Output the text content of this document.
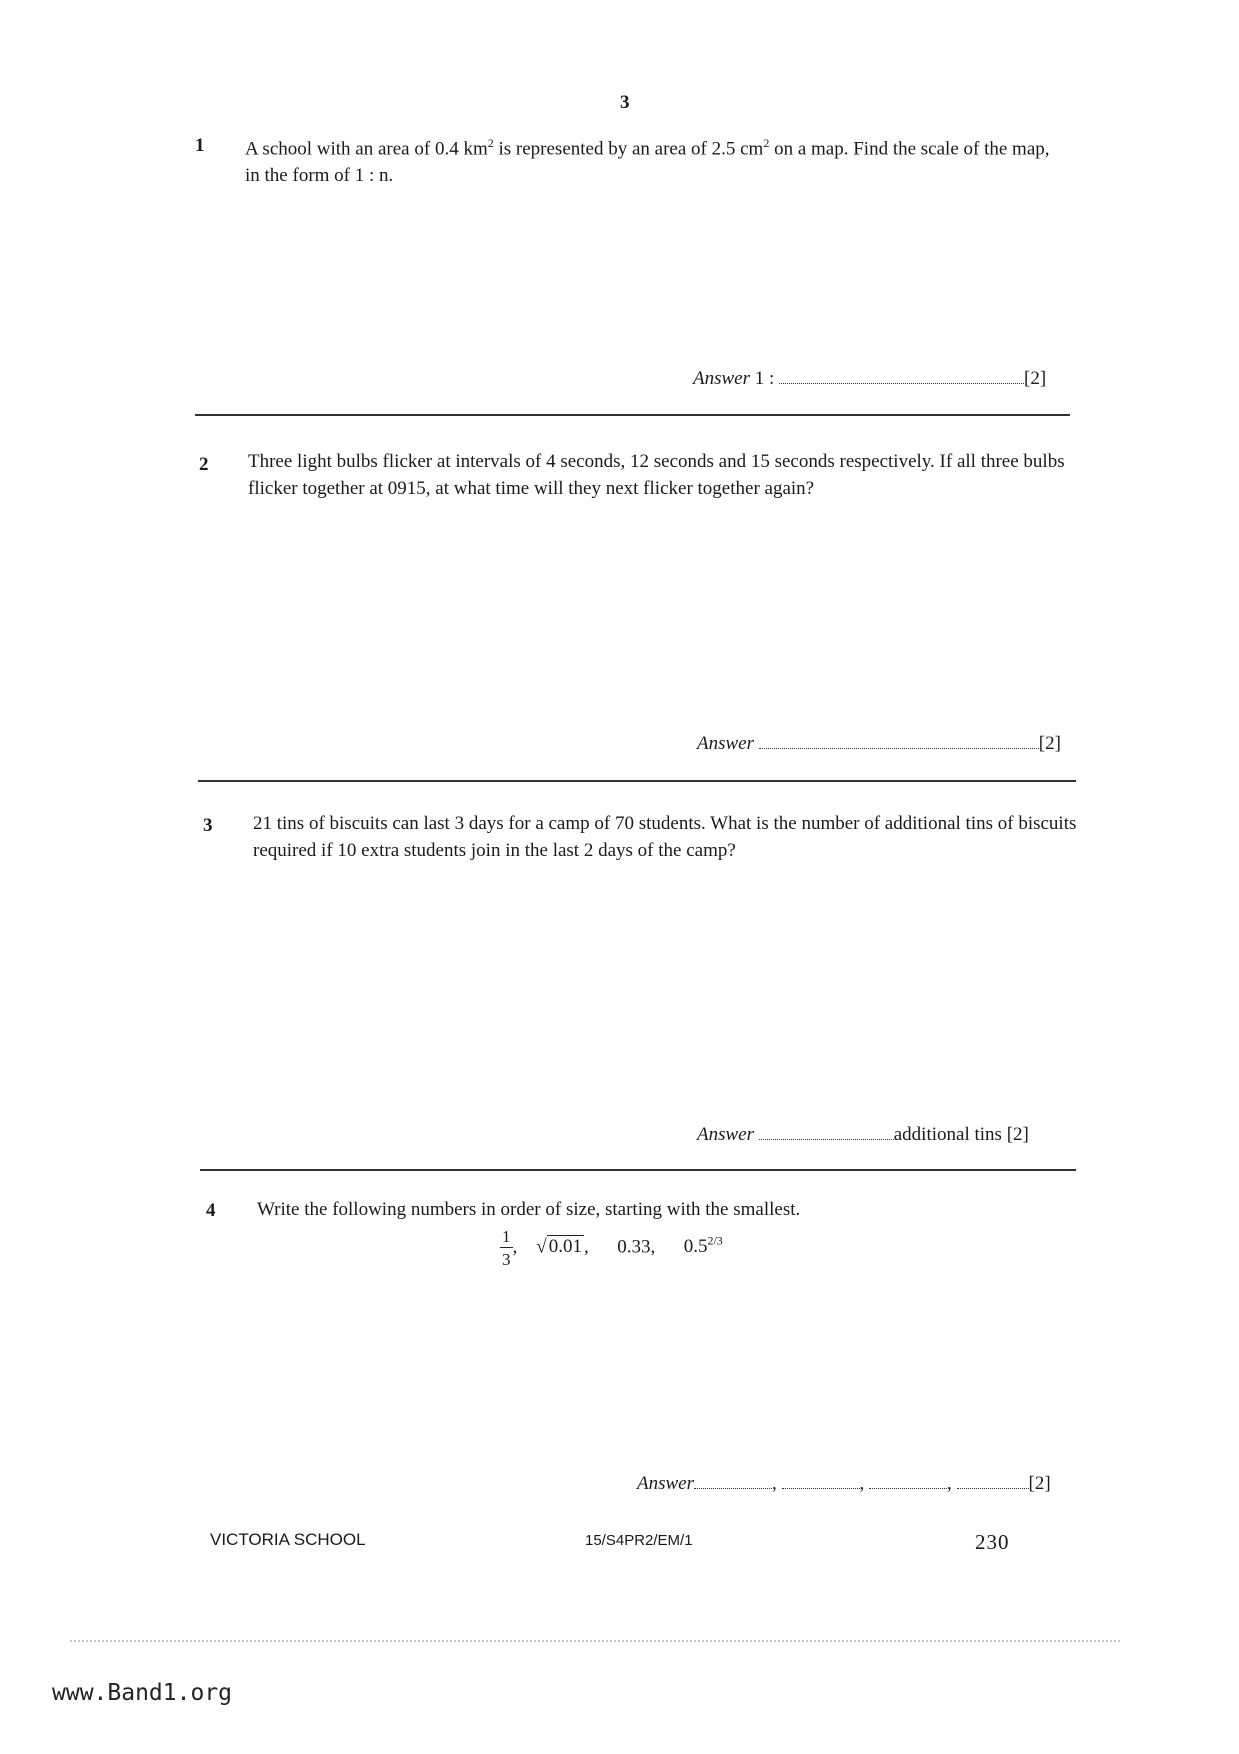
3
1 A school with an area of 0.4 $km^2$ is represented by an area of 2.5 $cm^2$ on a map. Find the scale of the map, in the form of 1 : n.
Answer 1 :	[2]
2 Three light bulbs flicker at intervals of 4 seconds, 12 seconds and 15 seconds respectively. If all three bulbs flicker together at 0915, at what time will they next flicker together again?
Answer	[2]
3 21 tins of biscuits can last 3 days for a camp of 70 students. What is the number of additional tins of biscuits required if 10 extra students join in the last 2 days of the camp?
Answer	additional tins [2]
4 Write the following numbers in order of size, starting with the smallest.
$\frac{1}{3}$ ,    √ 0.01 ,      0.33,      $0.5^{2/3}$
Answer	,	,	,	[2]
VICTORIA SCHOOL	15/S4PR2/EM/1	230
www.Band1.org
